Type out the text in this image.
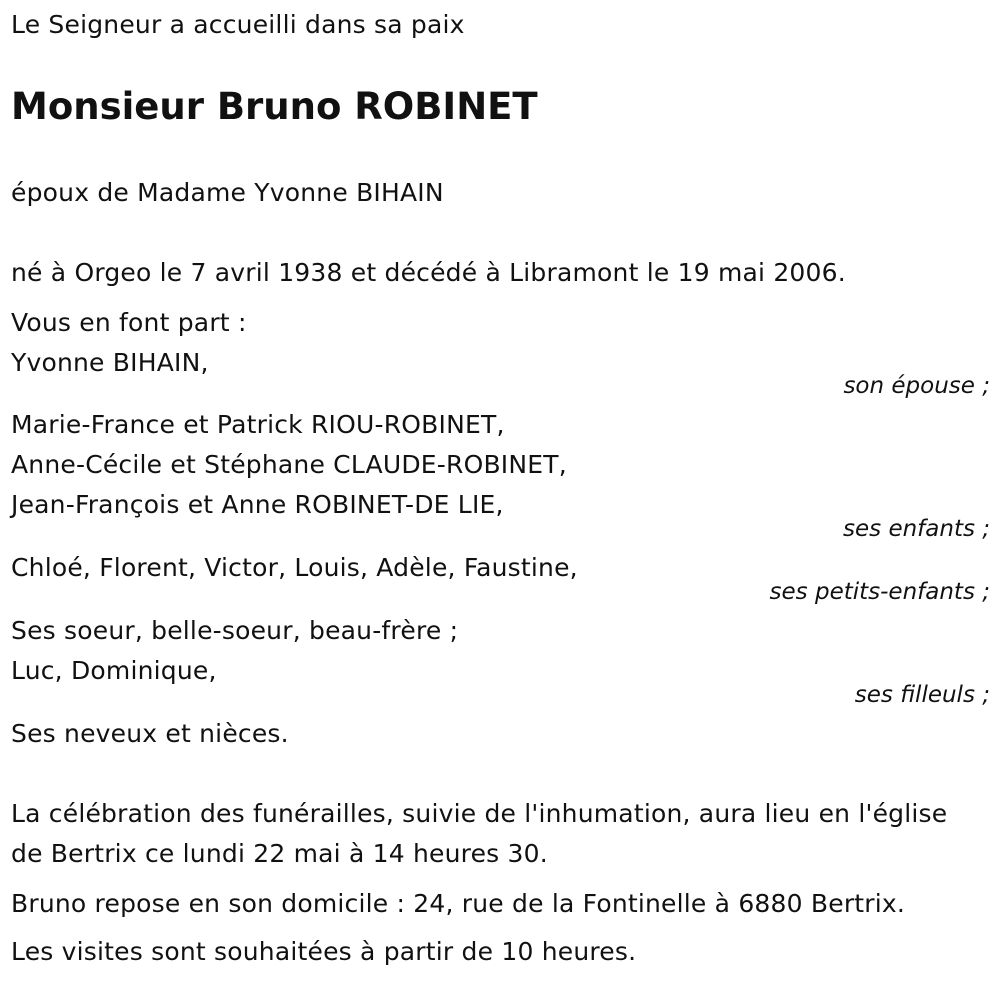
Le Seigneur a accueilli dans sa paix
Monsieur Bruno ROBINET
époux de Madame Yvonne BIHAIN
né à Orgeo le 7 avril 1938 et décédé à Libramont le 19 mai 2006.
Vous en font part :
Yvonne BIHAIN,
son épouse ;
Marie-France et Patrick RIOU-ROBINET,
Anne-Cécile et Stéphane CLAUDE-ROBINET,
Jean-François et Anne ROBINET-DE LIE,
ses enfants ;
Chloé, Florent, Victor, Louis, Adèle, Faustine,
ses petits-enfants ;
Ses soeur, belle-soeur, beau-frère ;
Luc, Dominique,
ses filleuls ;
Ses neveux et nièces.
La célébration des funérailles, suivie de l'inhumation, aura lieu en l'église
de Bertrix ce lundi 22 mai à 14 heures 30.
Bruno repose en son domicile : 24, rue de la Fontinelle à 6880 Bertrix.
Les visites sont souhaitées à partir de 10 heures.
